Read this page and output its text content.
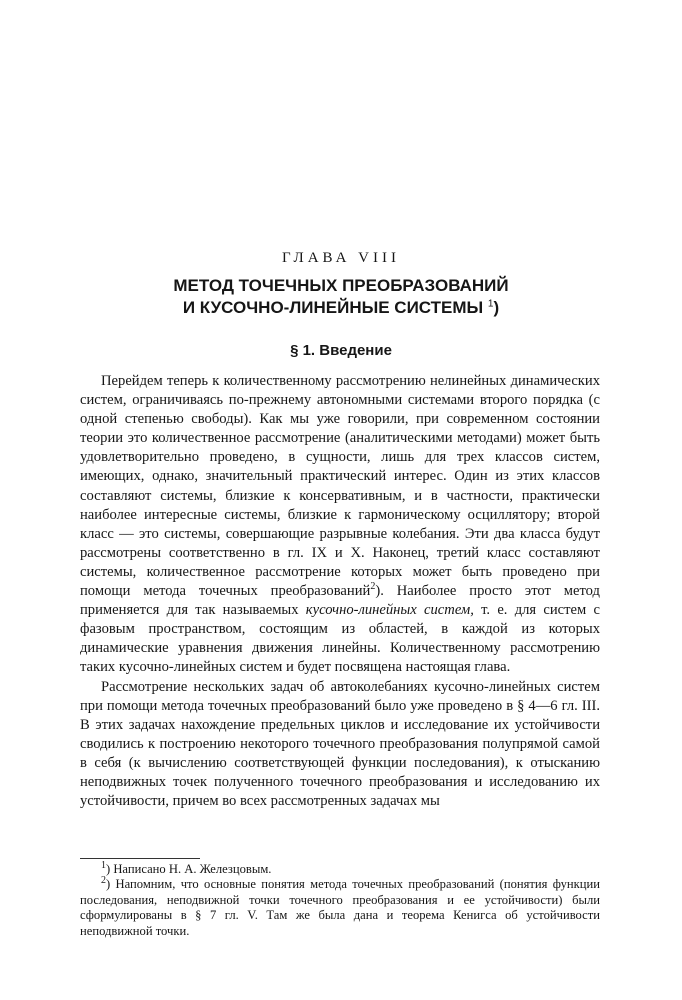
ГЛАВА VIII
МЕТОД ТОЧЕЧНЫХ ПРЕОБРАЗОВАНИЙ
И КУСОЧНО-ЛИНЕЙНЫЕ СИСТЕМЫ $^1$)
§ 1. Введение

Перейдем теперь к количественному рассмотрению нелинейных динамических систем, ограничиваясь по-прежнему автономными системами второго порядка (с одной степенью свободы). Как мы уже говорили, при современном состоянии теории это количественное рассмотрение (аналитическими методами) может быть удовлетворительно проведено, в сущности, лишь для трех классов систем, имеющих, однако, значительный практический интерес. Один из этих классов составляют системы, близкие к консервативным, и в частности, практически наиболее интересные системы, близкие к гармоническому осциллятору; второй класс — это системы, совершающие разрывные колебания. Эти два класса будут рассмотрены соответственно в гл. IX и X. Наконец, третий класс составляют системы, количественное рассмотрение которых может быть проведено при помощи метода точечных преобразований$^2$). Наиболее просто этот метод применяется для так называемых кусочно-линейных систем, т. е. для систем с фазовым пространством, состоящим из областей, в каждой из которых динамические уравнения движения линейны. Количественному рассмотрению таких кусочно-линейных систем и будет посвящена настоящая глава.

Рассмотрение нескольких задач об автоколебаниях кусочно-линейных систем при помощи метода точечных преобразований было уже проведено в § 4—6 гл. III. В этих задачах нахождение предельных циклов и исследование их устойчивости сводились к построению некоторого точечного преобразования полупрямой самой в себя (к вычислению соответствующей функции последования), к отысканию неподвижных точек полученного точечного преобразования и исследованию их устойчивости, причем во всех рассмотренных задачах мы

$^1$) Написано Н. А. Железцовым.

$^2$) Напомним, что основные понятия метода точечных преобразований (понятия функции последования, неподвижной точки точечного преобразования и ее устойчивости) были сформулированы в § 7 гл. V. Там же была дана и теорема Кенигса об устойчивости неподвижной точки.
